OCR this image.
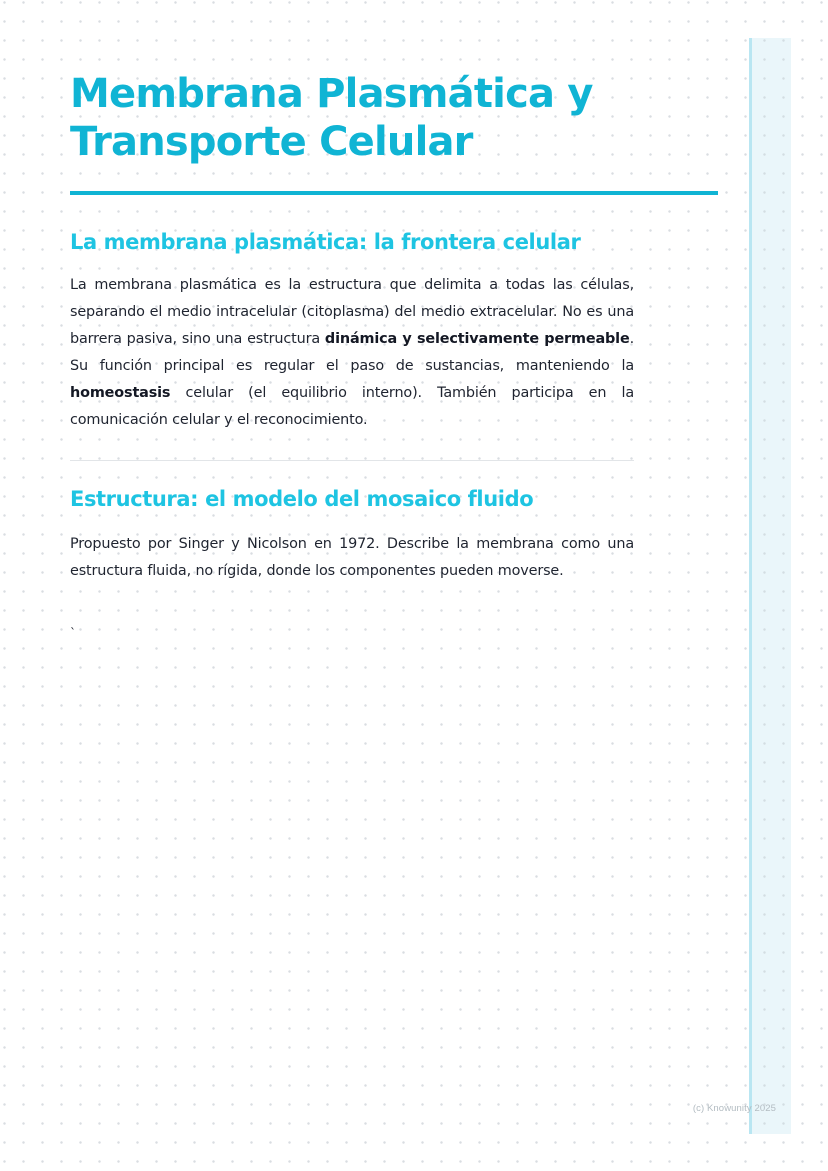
Membrana Plasmática y Transporte Celular
La membrana plasmática: la frontera celular

La membrana plasmática es la estructura que delimita a todas las células, separando el medio intracelular (citoplasma) del medio extracelular. No es una barrera pasiva, sino una estructura dinámica y selectivamente permeable. Su función principal es regular el paso de sustancias, manteniendo la homeostasis celular (el equilibrio interno). También participa en la comunicación celular y el reconocimiento.

Estructura: el modelo del mosaico fluido

Propuesto por Singer y Nicolson en 1972. Describe la membrana como una estructura fluida, no rígida, donde los componentes pueden moverse.

`
(c) Knowunity 2025
